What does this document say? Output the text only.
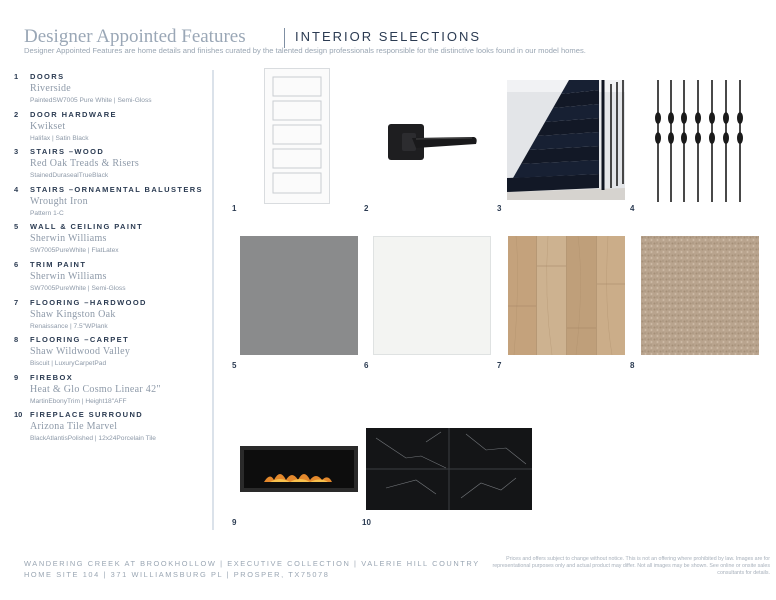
Designer Appointed Features	INTERIOR SELECTIONS
Designer Appointed Features are home details and finishes curated by the talented design professionals responsible for the distinctive looks found in our model homes.
1 DOORS
Riverside
PaintedSW7005 Pure White | Semi-Gloss
2 DOOR HARDWARE
Kwikset
Halifax | Satin Black
3 STAIRS –WOOD
Red Oak Treads & Risers
StainedDurasealTrueBlack
4 STAIRS –ORNAMENTAL BALUSTERS
Wrought Iron
Pattern 1-C
5 WALL & CEILING PAINT
Sherwin Williams
SW7005PureWhite | FlatLatex
6 TRIM PAINT
Sherwin Williams
SW7005PureWhite | Semi-Gloss
7 FLOORING –HARDWOOD
Shaw Kingston Oak
Renaissance | 7.5"WPlank
8 FLOORING –CARPET
Shaw Wildwood Valley
Biscuit | LuxuryCarpetPad
9 FIREBOX
Heat & Glo Cosmo Linear 42"
MartinEbonyTrim | Height18"AFF
10 FIREPLACE SURROUND
Arizona Tile Marvel
BlackAtlantisPolished | 12x24Porcelain Tile
1	2	3	4
5	6	7	8
9	10
WANDERING CREEK AT BROOKHOLLOW | EXECUTIVE COLLECTION | VALERIE HILL COUNTRY
HOME SITE 104 | 371 WILLIAMSBURG PL | PROSPER, TX75078
Prices and offers subject to change without notice. This is not an offering where prohibited by law. Images are for representational purposes only and actual product may differ. Not all images may be shown. See online or onsite sales consultants for details.
